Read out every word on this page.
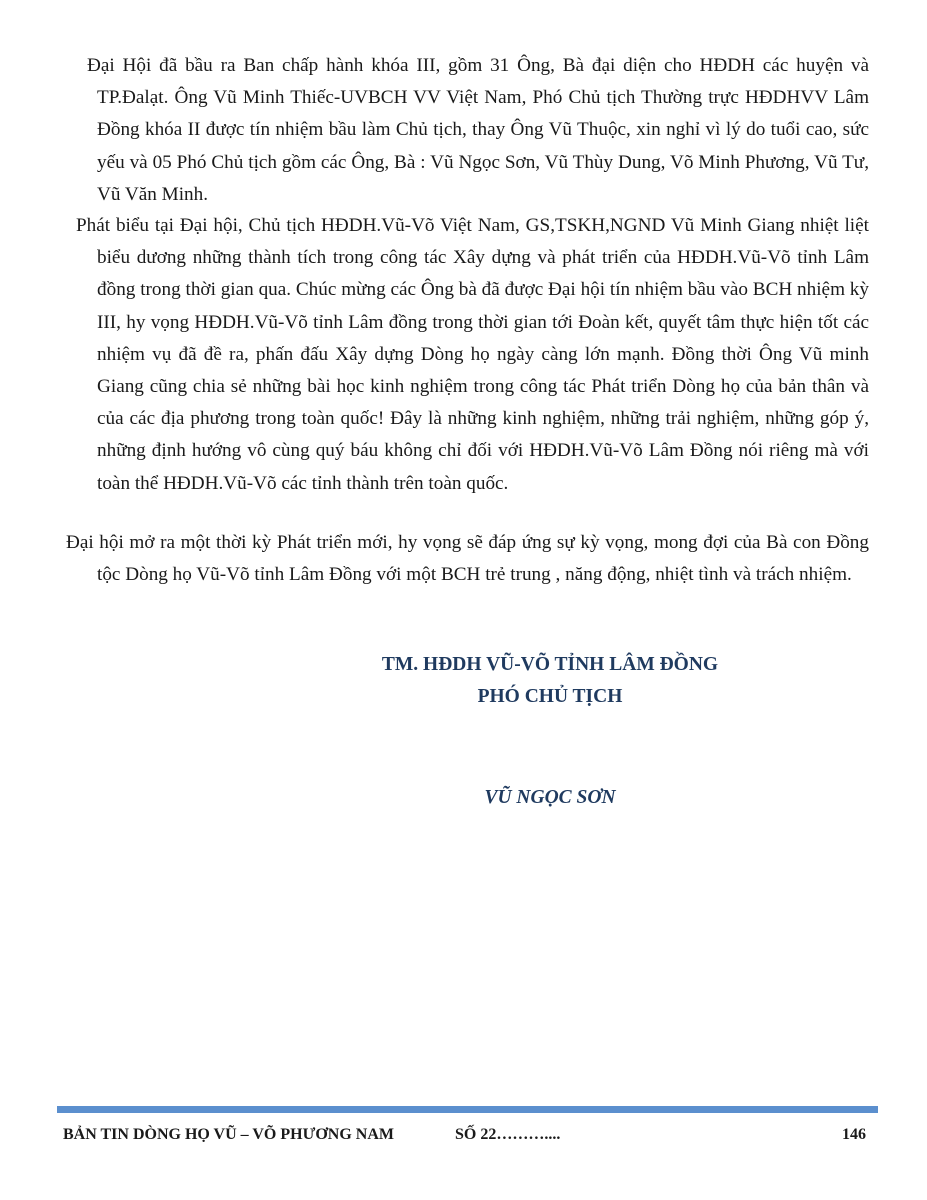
Đại Hội đã bầu ra Ban chấp hành khóa III, gồm 31 Ông, Bà đại diện cho HĐDH các huyện và TP.Đalạt. Ông Vũ Minh Thiếc-UVBCH VV Việt Nam, Phó Chủ tịch Thường trực HĐDHVV Lâm Đồng khóa II được tín nhiệm bầu làm Chủ tịch, thay Ông Vũ Thuộc, xin nghỉ vì lý do tuổi cao, sức yếu và 05 Phó Chủ tịch gồm các Ông, Bà : Vũ Ngọc Sơn, Vũ Thùy Dung, Võ Minh Phương, Vũ Tư, Vũ Văn Minh.

Phát biểu tại Đại hội, Chủ tịch HĐDH.Vũ-Võ Việt Nam, GS,TSKH,NGND Vũ Minh Giang nhiệt liệt biểu dương những thành tích trong công tác Xây dựng và phát triển của HĐDH.Vũ-Võ tỉnh Lâm đồng trong thời gian qua. Chúc mừng các Ông bà đã được Đại hội tín nhiệm bầu vào BCH nhiệm kỳ III, hy vọng HĐDH.Vũ-Võ tỉnh Lâm đồng trong thời gian tới Đoàn kết, quyết tâm thực hiện tốt các nhiệm vụ đã đề ra, phấn đấu Xây dựng Dòng họ ngày càng lớn mạnh. Đồng thời Ông Vũ minh Giang cũng chia sẻ những bài học kinh nghiệm trong công tác Phát triển Dòng họ của bản thân và của các địa phương trong toàn quốc! Đây là những kinh nghiệm, những trải nghiệm, những góp ý, những định hướng vô cùng quý báu không chỉ đối với HĐDH.Vũ-Võ Lâm Đồng nói riêng mà với toàn thể HĐDH.Vũ-Võ các tỉnh thành trên toàn quốc.

Đại hội mở ra một thời kỳ Phát triển mới, hy vọng sẽ đáp ứng sự kỳ vọng, mong đợi của Bà con Đồng tộc Dòng họ Vũ-Võ tỉnh Lâm Đồng với một BCH trẻ trung , năng động, nhiệt tình và trách nhiệm.

TM. HĐDH VŨ-VÕ TỈNH LÂM ĐỒNG
PHÓ CHỦ TỊCH
VŨ NGỌC SƠN
BẢN TIN DÒNG HỌ VŨ – VÕ PHƯƠNG NAM	SỐ 22………....	146
